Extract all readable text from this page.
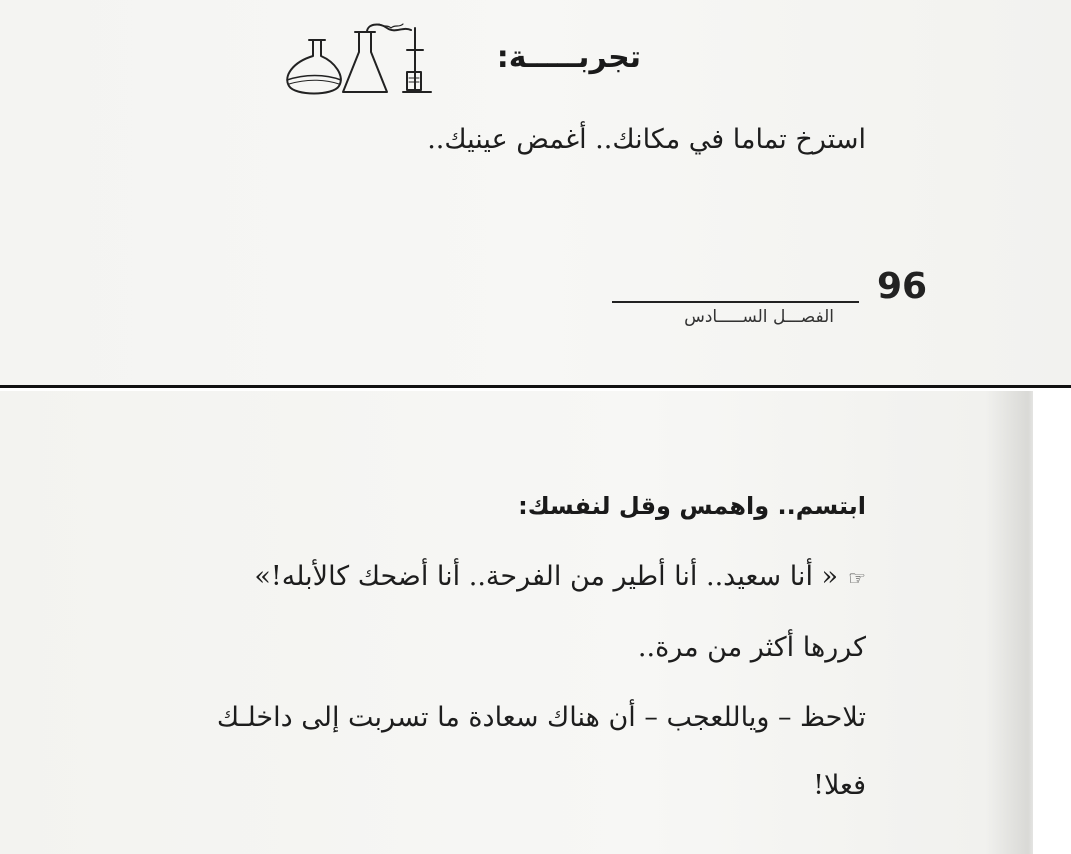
تجربـــــة:
استرخ تماما في مكانك.. أغمض عينيك..
96
الفصـــل الســـــادس
ابتسم.. واهمس وقل لنفسك:
☜« أنا سعيد.. أنا أطير من الفرحة.. أنا أضحك كالأبله!»
كررها أكثر من مرة..
تلاحظ – وياللعجب – أن هناك سعادة ما تسربت إلى داخلـك
فعلا!
